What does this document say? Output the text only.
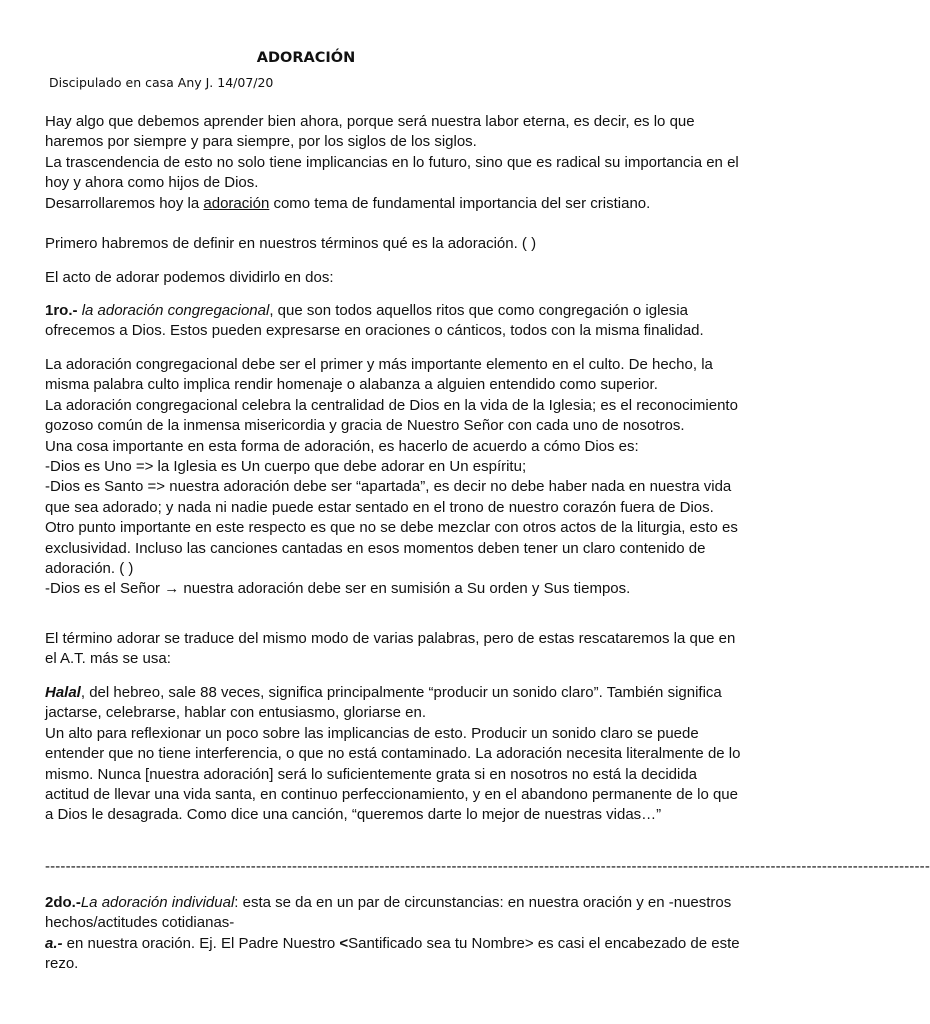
ADORACIÓN
Discipulado en casa Any J. 14/07/20

Hay algo que debemos aprender bien ahora, porque será nuestra labor eterna, es decir, es lo que haremos por siempre y para siempre, por los siglos de los siglos.

La trascendencia de esto no solo tiene implicancias en lo futuro, sino que es radical su importancia en el hoy y ahora como hijos de Dios.

Desarrollaremos hoy la adoración como tema de fundamental importancia del ser cristiano.

Primero habremos de definir en nuestros términos qué es la adoración. ( )

El acto de adorar podemos dividirlo en dos:

1ro.- la adoración congregacional, que son todos aquellos ritos que como congregación o iglesia ofrecemos a Dios. Estos pueden expresarse en oraciones o cánticos, todos con la misma finalidad.

La adoración congregacional debe ser el primer y más importante elemento en el culto. De hecho, la misma palabra culto implica rendir homenaje o alabanza a alguien entendido como superior.

La adoración congregacional celebra la centralidad de Dios en la vida de la Iglesia; es el reconocimiento gozoso común de la inmensa misericordia y gracia de Nuestro Señor con cada uno de nosotros.

Una cosa importante en esta forma de adoración, es hacerlo de acuerdo a cómo Dios es:

-Dios es Uno => la Iglesia es Un cuerpo que debe adorar en Un espíritu;

-Dios es Santo => nuestra adoración debe ser “apartada”, es decir no debe haber nada en nuestra vida que sea adorado; y nada ni nadie puede estar sentado en el trono de nuestro corazón fuera de Dios. Otro punto importante en este respecto es que no se debe mezclar con otros actos de la liturgia, esto es exclusividad. Incluso las canciones cantadas en esos momentos deben tener un claro contenido de adoración. ( )

-Dios es el Señor → nuestra adoración debe ser en sumisión a Su orden y Sus tiempos.

El término adorar se traduce del mismo modo de varias palabras, pero de estas rescataremos la que en el A.T. más se usa:

Halal, del hebreo, sale 88 veces, significa principalmente “producir un sonido claro”. También significa jactarse, celebrarse, hablar con entusiasmo, gloriarse en.

Un alto para reflexionar un poco sobre las implicancias de esto. Producir un sonido claro se puede entender que no tiene interferencia, o que no está contaminado. La adoración necesita literalmente de lo mismo. Nunca [nuestra adoración] será lo suficientemente grata si en nosotros no está la decidida actitud de llevar una vida santa, en continuo perfeccionamiento, y en el abandono permanente de lo que a Dios le desagrada. Como dice una canción, “queremos darte lo mejor de nuestras vidas…”

----------------------------------------------------------------------------------------------------------------------------------------------------------------------------

2do.-La adoración individual: esta se da en un par de circunstancias: en nuestra oración y en -nuestros hechos/actitudes cotidianas-

a.- en nuestra oración. Ej. El Padre Nuestro <Santificado sea tu Nombre> es casi el encabezado de este rezo.
